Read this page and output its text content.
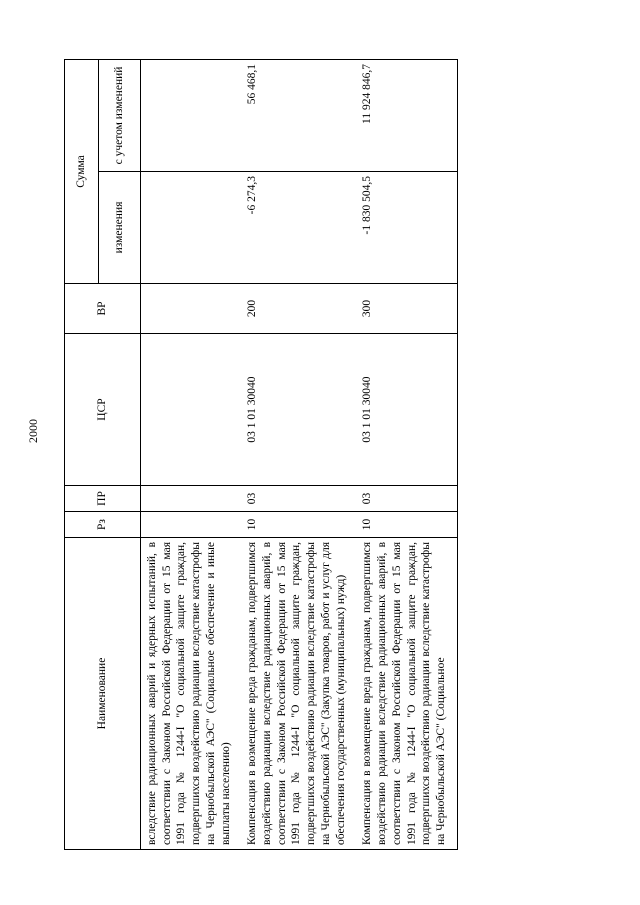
2000
Наименование	Рз	ПР	ЦСР	ВР	Сумма	
					изменения	с учетом изменений
вследствие радиационных аварий и ядерных испытаний, в соответствии с Законом Российской Федерации от 15 мая 1991 года № 1244-I "О социальной защите граждан, подвергшихся воздействию радиации вследствие катастрофы на Чернобыльской АЭС" (Социальное обеспечение и иные выплаты населению)						
Компенсация в возмещение вреда гражданам, подвергшимся воздействию радиации вследствие радиационных аварий, в соответствии с Законом Российской Федерации от 15 мая 1991 года № 1244-I "О социальной защите граждан, подвергшихся воздействию радиации вследствие катастрофы на Чернобыльской АЭС" (Закупка товаров, работ и услуг для обеспечения государственных (муниципальных) нужд)	10	03	03 1 01 30040	200	-6 274,3	56 468,1
Компенсация в возмещение вреда гражданам, подвергшимся воздействию радиации вследствие радиационных аварий, в соответствии с Законом Российской Федерации от 15 мая 1991 года № 1244-I "О социальной защите граждан, подвергшихся воздействию радиации вследствие катастрофы на Чернобыльской АЭС" (Социальное	10	03	03 1 01 30040	300	-1 830 504,5	11 924 846,7
